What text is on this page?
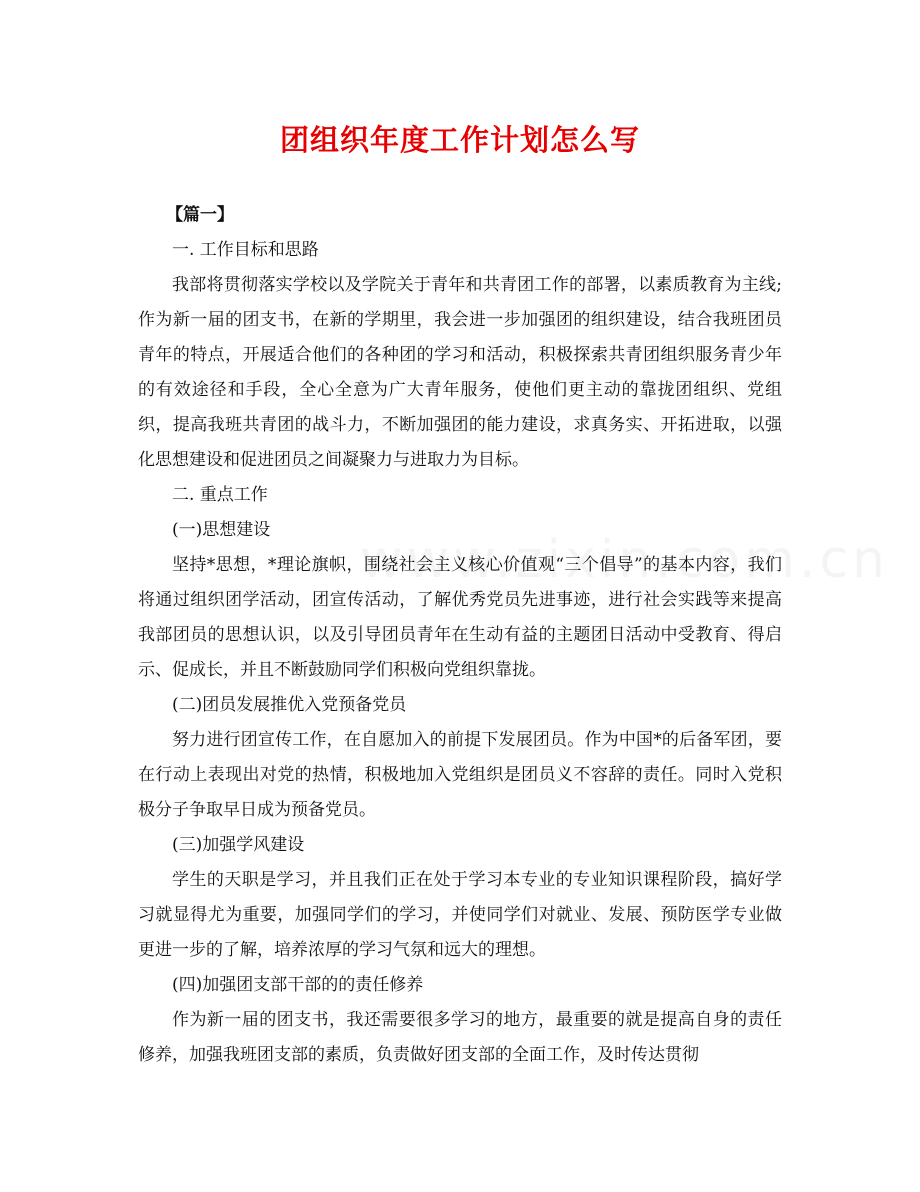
团组织年度工作计划怎么写

【篇一】

一. 工作目标和思路

我部将贯彻落实学校以及学院关于青年和共青团工作的部署，以素质教育为主线;作为新一届的团支书，在新的学期里，我会进一步加强团的组织建设，结合我班团员青年的特点，开展适合他们的各种团的学习和活动，积极探索共青团组织服务青少年的有效途径和手段，全心全意为广大青年服务，使他们更主动的靠拢团组织、党组织，提高我班共青团的战斗力，不断加强团的能力建设，求真务实、开拓进取，以强化思想建设和促进团员之间凝聚力与进取力为目标。

二. 重点工作

(一)思想建设

坚持*思想，*理论旗帜，围绕社会主义核心价值观“三个倡导”的基本内容，我们将通过组织团学活动，团宣传活动，了解优秀党员先进事迹，进行社会实践等来提高我部团员的思想认识，以及引导团员青年在生动有益的主题团日活动中受教育、得启示、促成长，并且不断鼓励同学们积极向党组织靠拢。

(二)团员发展推优入党预备党员

努力进行团宣传工作，在自愿加入的前提下发展团员。作为中国*的后备军团，要在行动上表现出对党的热情，积极地加入党组织是团员义不容辞的责任。同时入党积极分子争取早日成为预备党员。

(三)加强学风建设

学生的天职是学习，并且我们正在处于学习本专业的专业知识课程阶段，搞好学习就显得尤为重要，加强同学们的学习，并使同学们对就业、发展、预防医学专业做更进一步的了解，培养浓厚的学习气氛和远大的理想。

(四)加强团支部干部的的责任修养

作为新一届的团支书，我还需要很多学习的地方，最重要的就是提高自身的责任修养，加强我班团支部的素质，负责做好团支部的全面工作，及时传达贯彻
